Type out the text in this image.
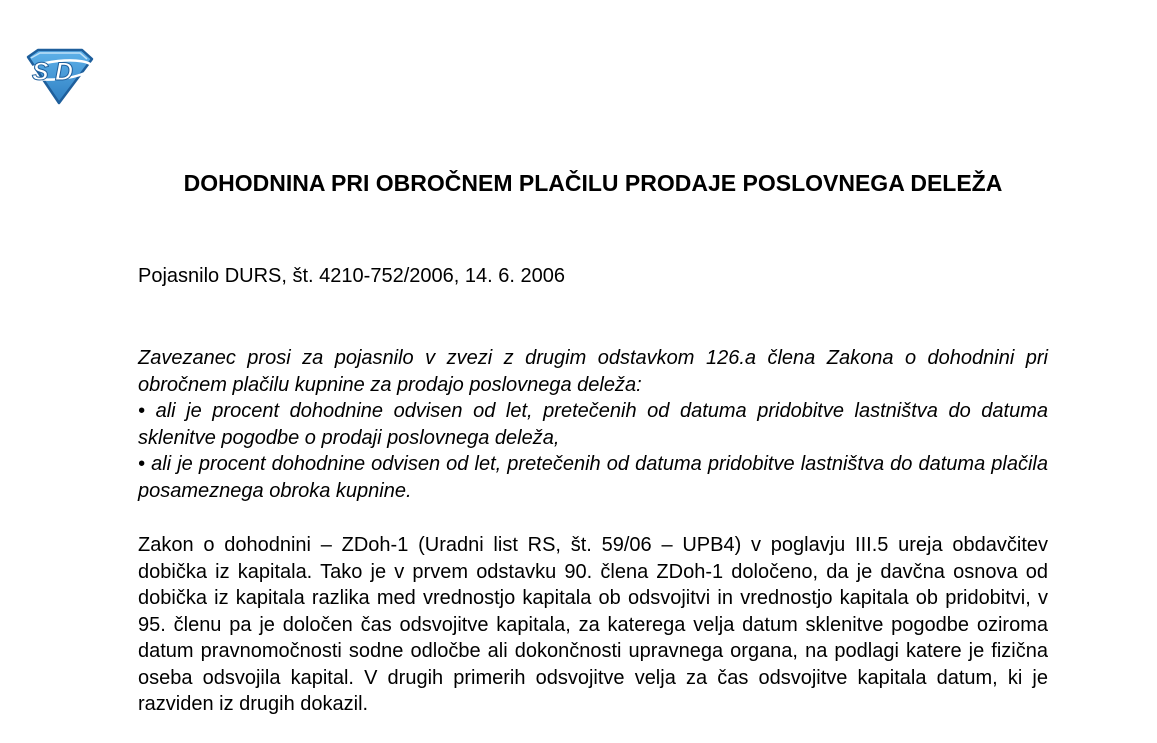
S D
DOHODNINA PRI OBROČNEM PLAČILU PRODAJE POSLOVNEGA DELEŽA

Pojasnilo DURS, št. 4210-752/2006, 14. 6. 2006

Zavezanec prosi za pojasnilo v zvezi z drugim odstavkom 126.a člena Zakona o dohodnini pri obročnem plačilu kupnine za prodajo poslovnega deleža:

• ali je procent dohodnine odvisen od let, pretečenih od datuma pridobitve lastništva do datuma sklenitve pogodbe o prodaji poslovnega deleža,

• ali je procent dohodnine odvisen od let, pretečenih od datuma pridobitve lastništva do datuma plačila posameznega obroka kupnine.

Zakon o dohodnini – ZDoh-1 (Uradni list RS, št. 59/06 – UPB4) v poglavju III.5 ureja obdavčitev dobička iz kapitala. Tako je v prvem odstavku 90. člena ZDoh-1 določeno, da je davčna osnova od dobička iz kapitala razlika med vrednostjo kapitala ob odsvojitvi in vrednostjo kapitala ob pridobitvi, v 95. členu pa je določen čas odsvojitve kapitala, za katerega velja datum sklenitve pogodbe oziroma datum pravnomočnosti sodne odločbe ali dokončnosti upravnega organa, na podlagi katere je fizična oseba odsvojila kapital. V drugih primerih odsvojitve velja za čas odsvojitve kapitala datum, ki je razviden iz drugih dokazil.
